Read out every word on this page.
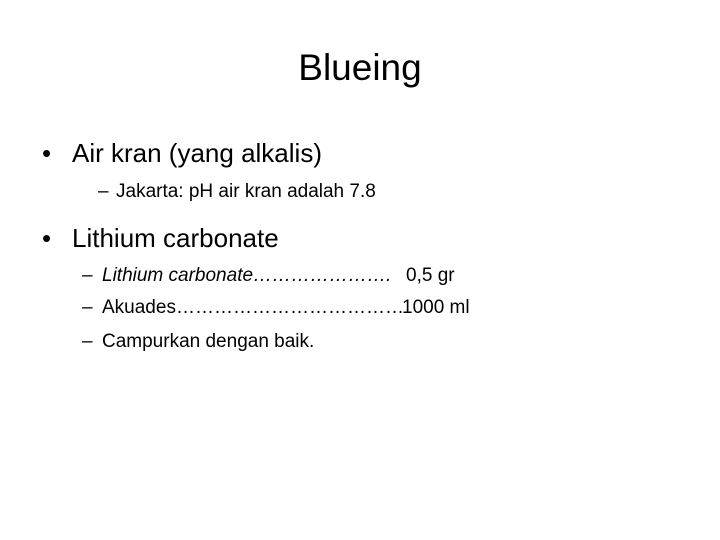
Blueing
• Air kran (yang alkalis)
– Jakarta: pH air kran adalah 7.8
• Lithium carbonate
– Lithium carbonate…………………. 0,5 gr
– Akuades………………………………
1000 ml
– Campurkan dengan baik.
